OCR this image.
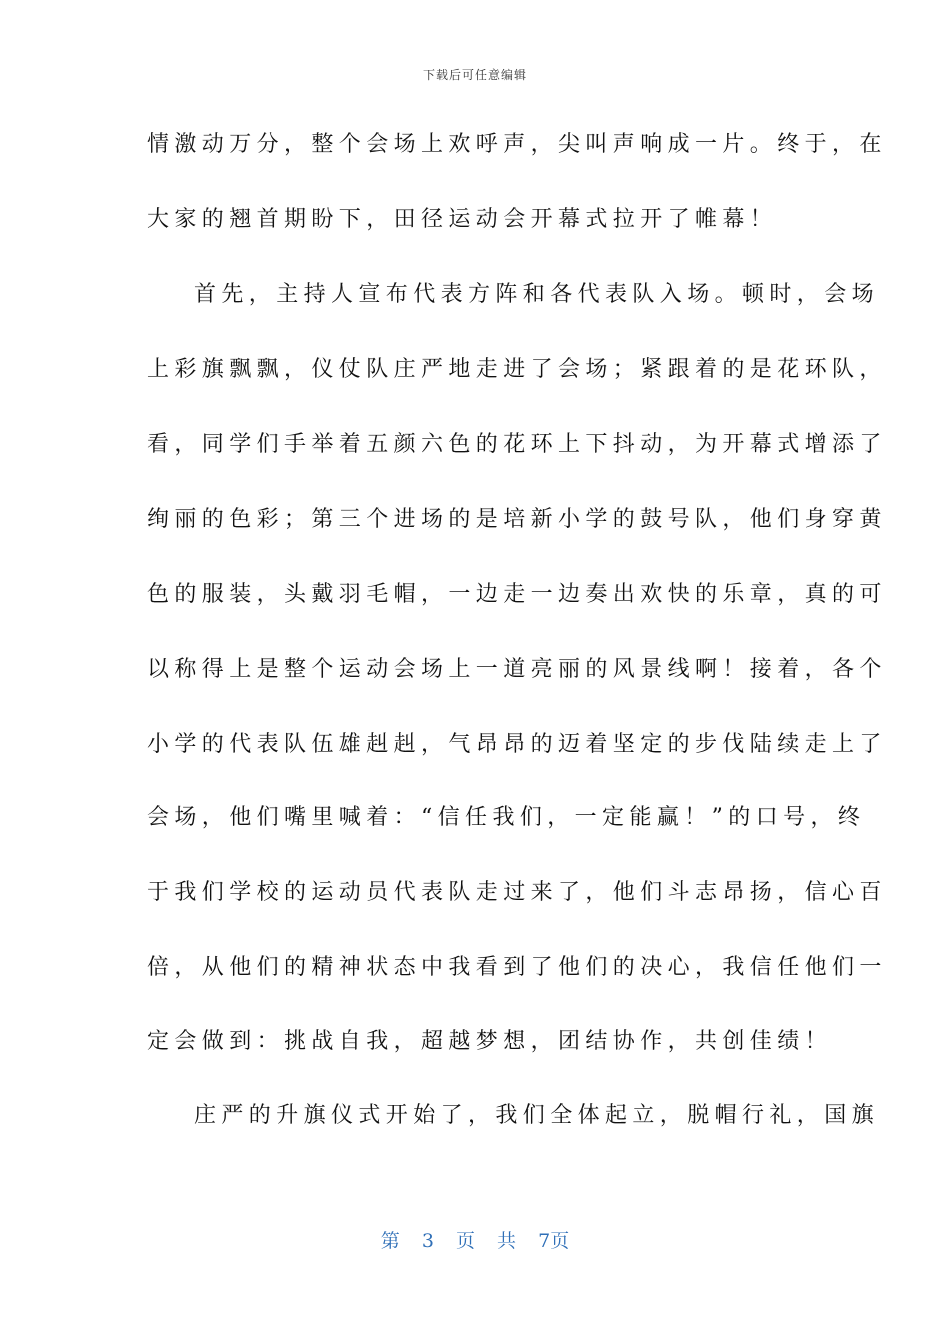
下载后可任意编辑
情激动万分，整个会场上欢呼声，尖叫声响成一片。终于，在
大家的翘首期盼下，田径运动会开幕式拉开了帷幕！
首先，主持人宣布代表方阵和各代表队入场。顿时，会场
上彩旗飘飘，仪仗队庄严地走进了会场；紧跟着的是花环队，
看，同学们手举着五颜六色的花环上下抖动，为开幕式增添了
绚丽的色彩；第三个进场的是培新小学的鼓号队，他们身穿黄
色的服装，头戴羽毛帽，一边走一边奏出欢快的乐章，真的可
以称得上是整个运动会场上一道亮丽的风景线啊！接着，各个
小学的代表队伍雄赳赳，气昂昂的迈着坚定的步伐陆续走上了
会场，他们嘴里喊着：“信任我们，一定能赢！”的口号，终
于我们学校的运动员代表队走过来了，他们斗志昂扬，信心百
倍，从他们的精神状态中我看到了他们的决心，我信任他们一
定会做到：挑战自我，超越梦想，团结协作，共创佳绩！
庄严的升旗仪式开始了，我们全体起立，脱帽行礼，国旗
第 3 页 共 7页
